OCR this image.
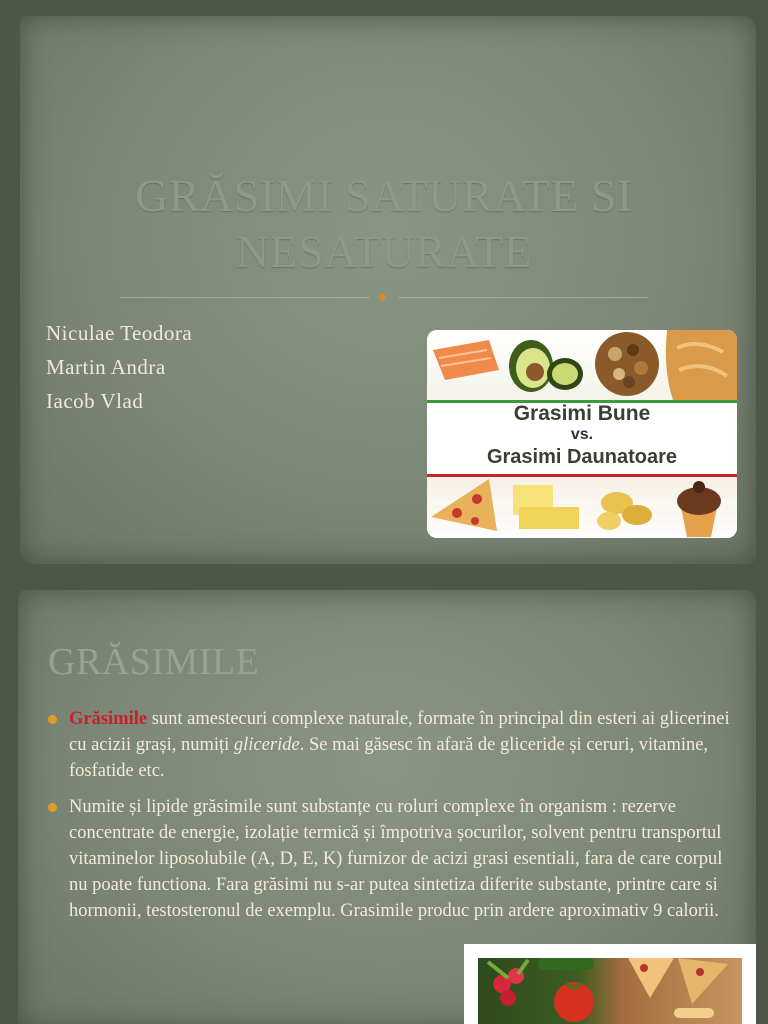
GRĂSIMI SATURATE SI NESATURATE
Niculae Teodora
Martin Andra
Iacob Vlad
Grasimi Bune
vs.
Grasimi Daunatoare
GRĂSIMILE
Grăsimile sunt amestecuri complexe naturale, formate în principal din esteri ai glicerinei cu acizii grași, numiți gliceride. Se mai găsesc în afară de gliceride și ceruri, vitamine, fosfatide etc.
Numite și lipide grăsimile sunt substanțe cu roluri complexe în organism : rezerve concentrate de energie, izolație termică și împotriva șocurilor, solvent pentru transportul vitaminelor liposolubile (A, D, E, K) furnizor de acizi grasi esentiali, fara de care corpul nu poate functiona. Fara grăsimi nu s-ar putea sintetiza diferite substante, printre care si hormonii, testosteronul de exemplu. Grasimile produc prin ardere aproximativ 9 calorii.
